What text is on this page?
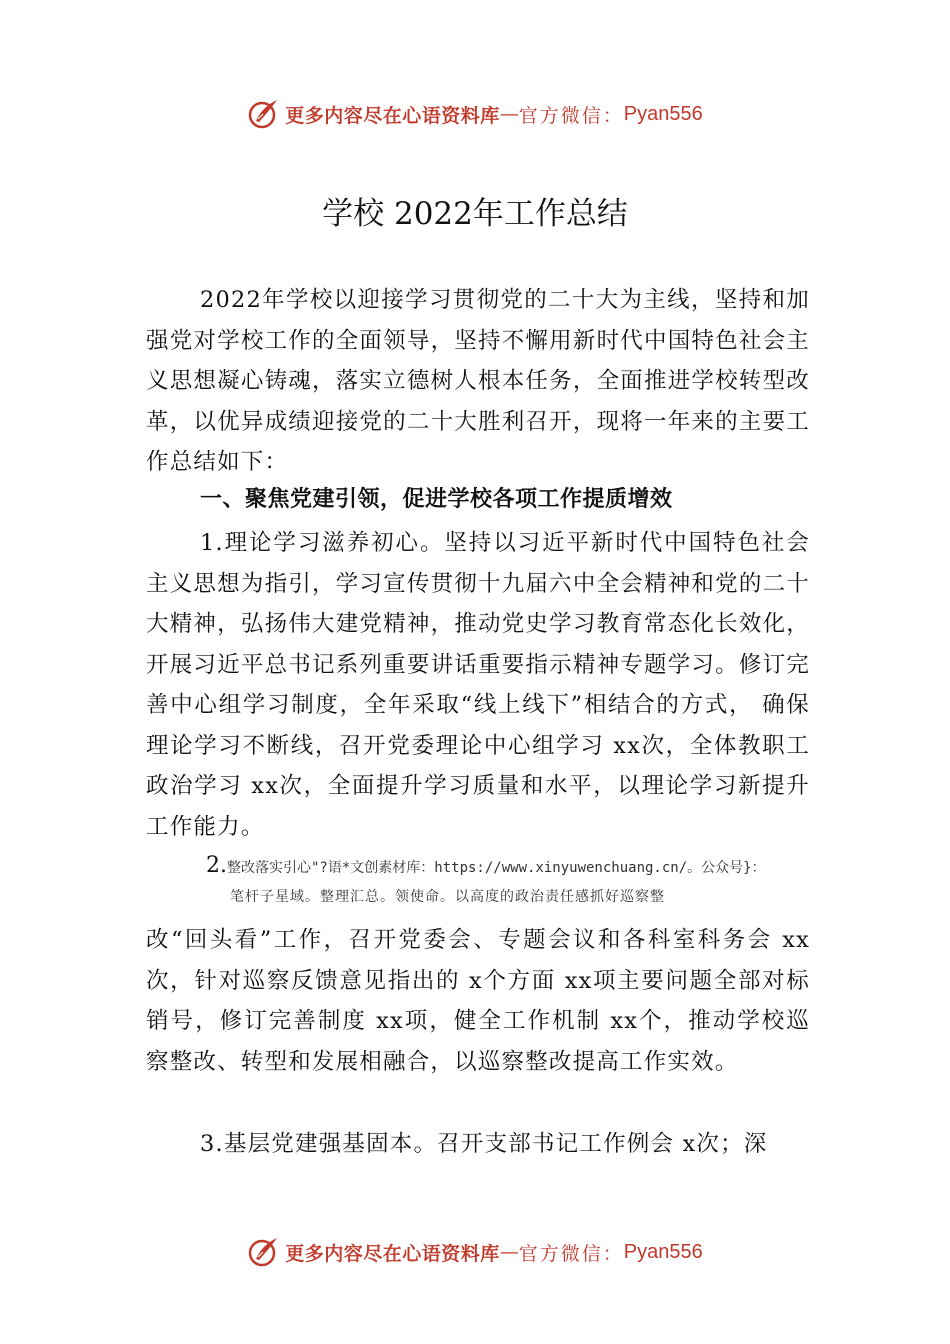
更多内容尽在心语资料库 — 官方微信： Pyan556
学校 2022年工作总结
2022年学校以迎接学习贯彻党的二十大为主线，坚持和加强党对学校工作的全面领导，坚持不懈用新时代中国特色社会主义思想凝心铸魂，落实立德树人根本任务，全面推进学校转型改革，以优异成绩迎接党的二十大胜利召开，现将一年来的主要工作总结如下：
一、聚焦党建引领，促进学校各项工作提质增效
1.理论学习滋养初心。坚持以习近平新时代中国特色社会主义思想为指引，学习宣传贯彻十九届六中全会精神和党的二十大精神，弘扬伟大建党精神，推动党史学习教育常态化长效化，开展习近平总书记系列重要讲话重要指示精神专题学习。修订完善中心组学习制度，全年采取“线上线下”相结合的方式， 确保理论学习不断线，召开党委理论中心组学习 xx次，全体教职工政治学习 xx次，全面提升学习质量和水平，以理论学习新提升工作能力。
2.整改落实引心"?语*文创素材库：https://www.xinyuwenchuang.cn/。公众号}：
笔杆子星域。整理汇总。领使命。以高度的政治责任感抓好巡察整
改“回头看”工作，召开党委会、专题会议和各科室科务会 xx次，针对巡察反馈意见指出的 x个方面 xx项主要问题全部对标销号，修订完善制度 xx项，健全工作机制 xx个，推动学校巡察整改、转型和发展相融合，以巡察整改提高工作实效。
3.基层党建强基固本。召开支部书记工作例会 x次；深
更多内容尽在心语资料库 — 官方微信： Pyan556
